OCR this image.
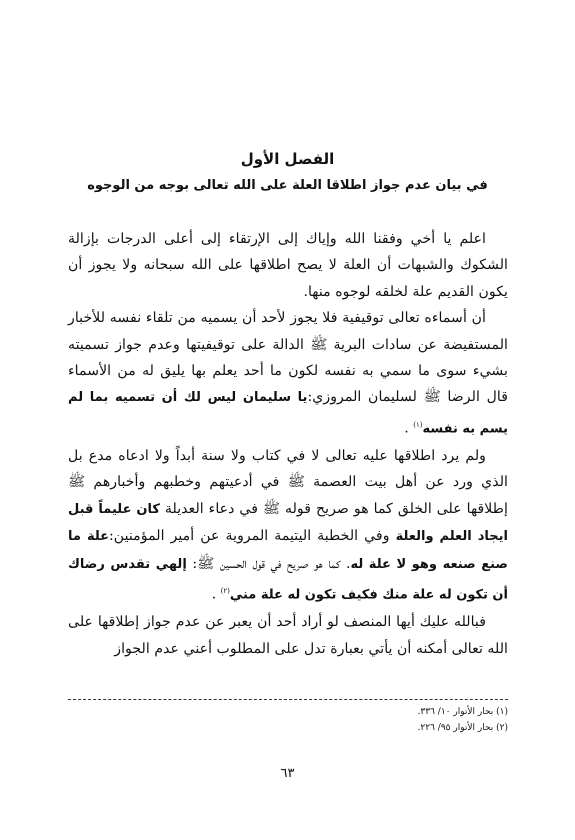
الفصل الأول
في بيان عدم جواز اطلاقا العلة على الله تعالى بوجه من الوجوه

اعلم يا أخي وفقنا الله وإياك إلى الإرتقاء إلى أعلى الدرجات بإزالة الشكوك والشبهات أن العلة لا يصح اطلاقها على الله سبحانه ولا يجوز أن يكون القديم علة لخلقه لوجوه منها.

أن أسماءه تعالى توقيفية فلا يجوز لأحد أن يسميه من تلقاء نفسه للأخبار المستفيضة عن سادات البرية ﷺ الدالة على توقيفيتها وعدم جواز تسميته بشيء سوى ما سمي به نفسه لكون ما أحد يعلم بها يليق له من الأسماء قال الرضا ﷺ لسليمان المروزي:يا سليمان ليس لك أن تسميه بما لم يسم به نفسه$^{(١)}$ .

ولم يرد اطلاقها عليه تعالى لا في كتاب ولا سنة أبداً ولا ادعاه مدع بل الذي ورد عن أهل بيت العصمة ﷺ في أدعيتهم وخطبهم وأخبارهم ﷺ إطلاقها على الخلق كما هو صريح قوله ﷺ في دعاء العديلة كان عليماً قبل ايجاد العلم والعلة وفي الخطبة اليتيمة المروية عن أمير المؤمنين:علة ما صنع صنعه وهو لا علة له. كما هو صريح في قول الحسين ﷺ: إلهي تقدس رضاك أن تكون له علة منك فكيف تكون له علة مني$^{(٢)}$ .

فبالله عليك أيها المنصف لو أراد أحد أن يعبر عن عدم جواز إطلاقها على الله تعالى أمكنه أن يأتي بعبارة تدل على المطلوب أعني عدم الجواز

(١) بحار الأنوار ١٠/ ٣٣٦.
(٢) بحار الأنوار ٩٥/ ٢٢٦.
٦٣
